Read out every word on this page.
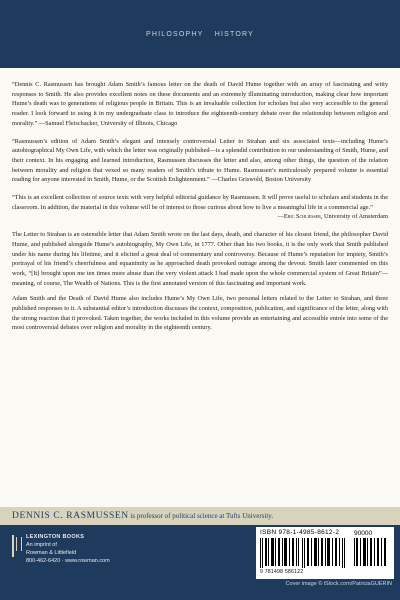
PHILOSOPHY HISTORY
“Dennis C. Rasmussen has brought Adam Smith’s famous letter on the death of David Hume together with an array of fascinating and witty responses to Smith. He also provides excellent notes on these documents and an extremely illuminating introduction, making clear how important Hume’s death was to generations of religious people in Britain. This is an invaluable collection for scholars but also very accessible to the general reader. I look forward to using it in my undergraduate class to introduce the eighteenth-century debate over the relationship between religion and morality.” —Samuel Fleischacker, University of Illinois, Chicago
“Rasmussen’s edition of Adam Smith’s elegant and intensely controversial Letter to Strahan and six associated texts—including Hume’s autobiographical My Own Life, with which the letter was originally published—is a splendid contribution to our understanding of Smith, Hume, and their context. In his engaging and learned introduction, Rasmussen discusses the letter and also, among other things, the question of the relation between morality and religion that vexed so many readers of Smith’s tribute to Hume. Rasmussen’s meticulously prepared volume is essential reading for anyone interested in Smith, Hume, or the Scottish Enlightenment.” —Charles Griswold, Boston University
“This is an excellent collection of source texts with very helpful editorial guidance by Rasmussen. It will prove useful to scholars and students in the classroom. In addition, the material in this volume will be of interest to those curious about how to live a meaningful life in a commercial age.”
—Eric Schliesser, University of Amsterdam

The Letter to Strahan is an ostensible letter that Adam Smith wrote on the last days, death, and character of his closest friend, the philosopher David Hume, and published alongside Hume’s autobiography, My Own Life, in 1777. Other than his two books, it is the only work that Smith published under his name during his lifetime, and it elicited a great deal of commentary and controversy. Because of Hume’s reputation for impiety, Smith’s portrayal of his friend’s cheerfulness and equanimity as he approached death provoked outrage among the devout. Smith later commented on this work, “[It] brought upon me ten times more abuse than the very violent attack I had made upon the whole commercial system of Great Britain”—meaning, of course, The Wealth of Nations. This is the first annotated version of this fascinating and important work.

Adam Smith and the Death of David Hume also includes Hume’s My Own Life, two personal letters related to the Letter to Strahan, and three published responses to it. A substantial editor’s introduction discusses the context, composition, publication, and significance of the letter, along with the strong reaction that it provoked. Taken together, the works included in this volume provide an entertaining and accessible entrée into some of the most controversial debates over religion and morality in the eighteenth century.

DENNIS C. RASMUSSEN is professor of political science at Tufts University.
LEXINGTON BOOKS
An imprint of
Rowman & Littlefield
800-462-6420 · www.rowman.com
ISBN 978-1-4985-8612-2	90000
9 781498 586122
Cover image © iStock.com/PatriciaGUERIN
